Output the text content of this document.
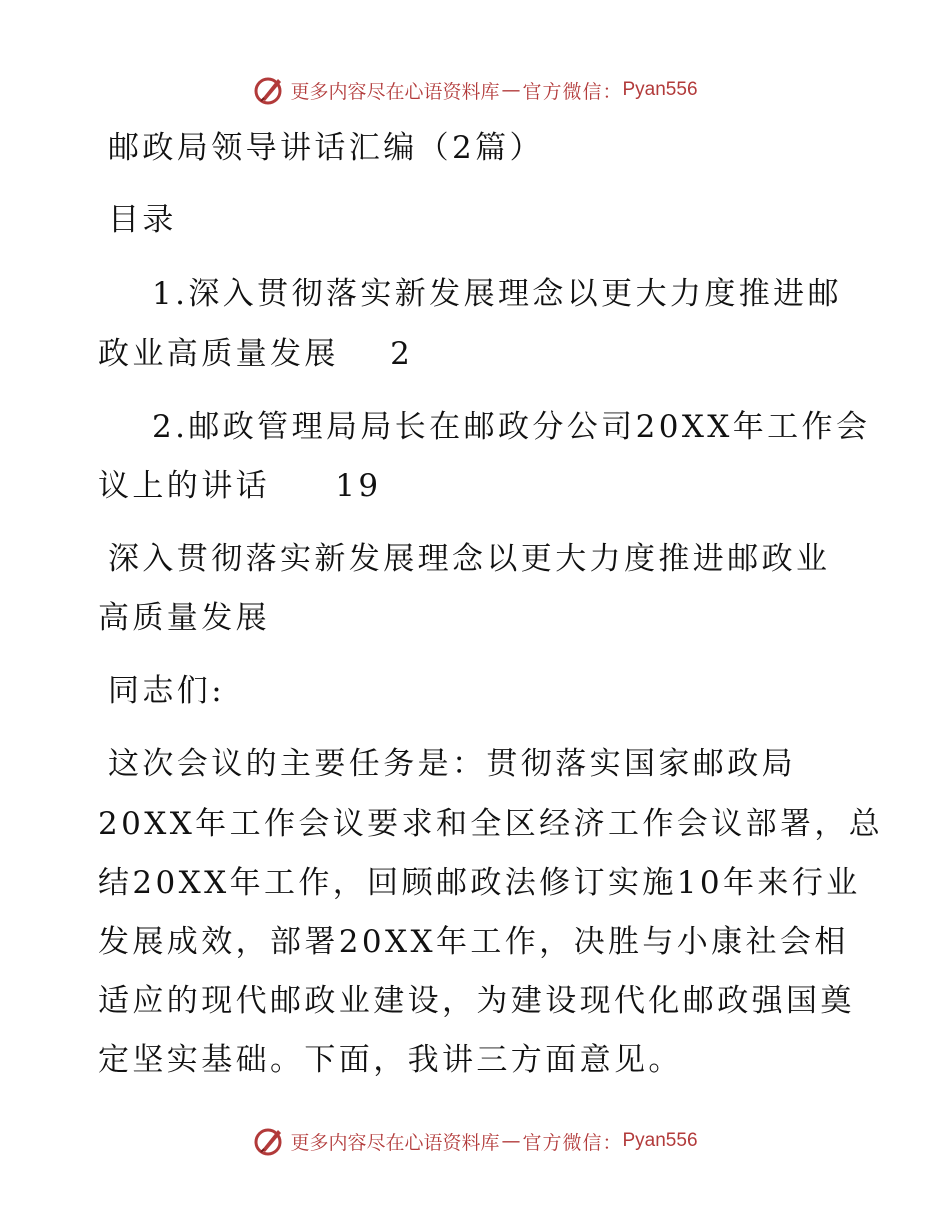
更多内容尽在心语资料库 — 官方微信： Pyan556
邮政局领导讲话汇编（2篇）
目录
1.深入贯彻落实新发展理念以更大力度推进邮
政业高质量发展 2
2.邮政管理局局长在邮政分公司20XX年工作会
议上的讲话 19
深入贯彻落实新发展理念以更大力度推进邮政业
高质量发展
同志们:
这次会议的主要任务是：贯彻落实国家邮政局
20XX年工作会议要求和全区经济工作会议部署，总
结20XX年工作，回顾邮政法修订实施10年来行业
发展成效，部署20XX年工作，决胜与小康社会相
适应的现代邮政业建设，为建设现代化邮政强国奠
定坚实基础。下面，我讲三方面意见。
更多内容尽在心语资料库 — 官方微信： Pyan556
